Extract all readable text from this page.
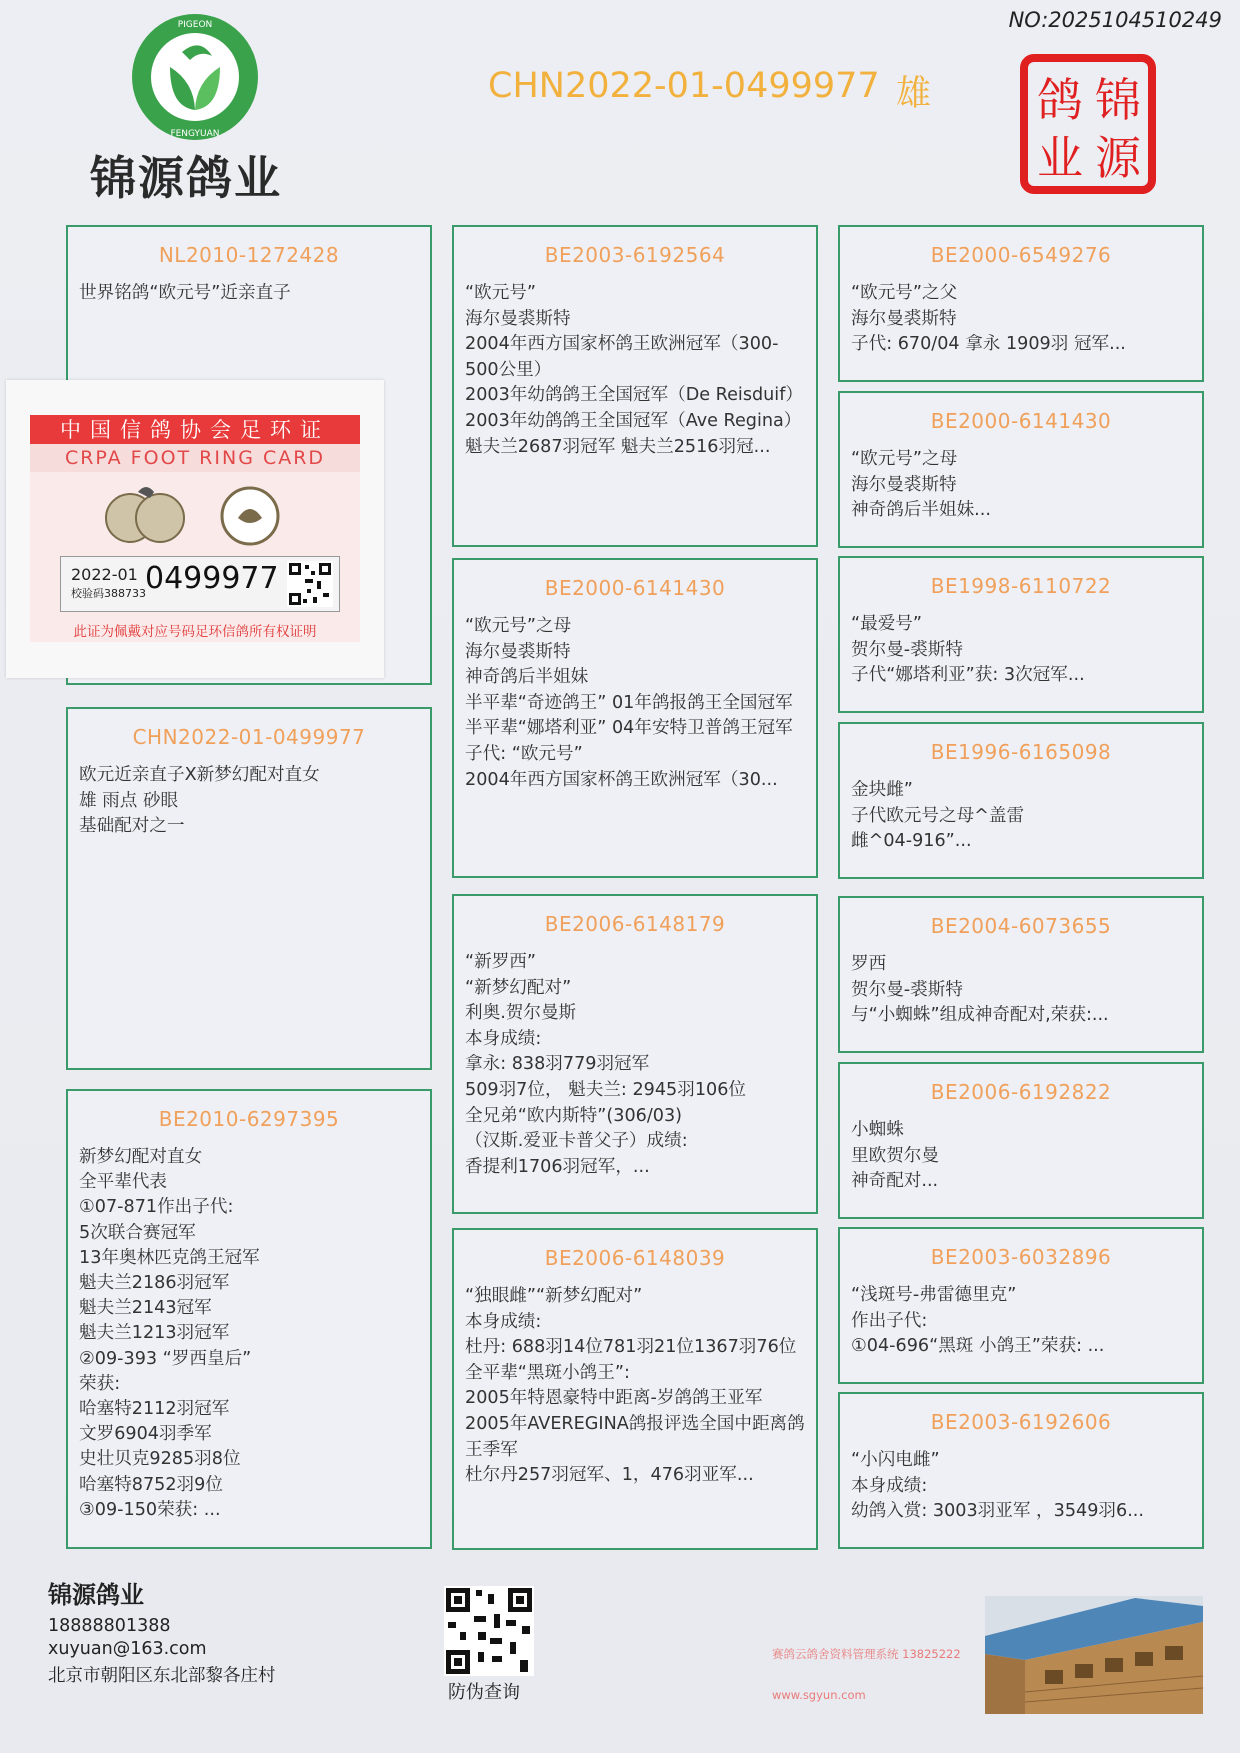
NO:2025104510249
PIGEON
FENGYUAN
锦源鸽业
CHN2022-01-0499977 雄	锦
源
鸽
业
NL2010-1272428
世界铭鸽“欧元号”近亲直子
CHN2022-01-0499977
欧元近亲直子X新梦幻配对直女
雄 雨点 砂眼
基础配对之一
BE2010-6297395
新梦幻配对直女
全平辈代表
①07-871作出子代:
5次联合赛冠军
13年奥林匹克鸽王冠军
魁夫兰2186羽冠军
魁夫兰2143冠军
魁夫兰1213羽冠军
②09-393 “罗西皇后”
荣获:
哈塞特2112羽冠军
文罗6904羽季军
史壮贝克9285羽8位
哈塞特8752羽9位
③09-150荣获: ...
中国信鸽协会足环证
CRPA FOOT RING CARD
2022-01
校验码388733 0499977
此证为佩戴对应号码足环信鸽所有权证明
BE2003-6192564
“欧元号”
海尔曼裘斯特
2004年西方国家杯鸽王欧洲冠军（300-500公里）
2003年幼鸽鸽王全国冠军（De Reisduif）
2003年幼鸽鸽王全国冠军（Ave Regina）
魁夫兰2687羽冠军 魁夫兰2516羽冠...
BE2000-6141430
“欧元号”之母
海尔曼裘斯特
神奇鸽后半姐妹
半平辈“奇迹鸽王” 01年鸽报鸽王全国冠军
半平辈“娜塔利亚” 04年安特卫普鸽王冠军
子代: “欧元号”
2004年西方国家杯鸽王欧洲冠军（30...
BE2006-6148179
“新罗西”
“新梦幻配对”
利奥.贺尔曼斯
本身成绩:
拿永: 838羽779羽冠军
509羽7位， 魁夫兰: 2945羽106位
全兄弟“欧内斯特”(306/03)
（汉斯.爱亚卡普父子）成绩:
香提利1706羽冠军，...
BE2006-6148039
“独眼雌”“新梦幻配对”
本身成绩:
杜丹: 688羽14位781羽21位1367羽76位
全平辈“黑斑小鸽王”:
2005年特恩豪特中距离-岁鸽鸽王亚军
2005年AVEREGINA鸽报评选全国中距离鸽王季军
杜尔丹257羽冠军、1，476羽亚军...
BE2000-6549276
“欧元号”之父
海尔曼裘斯特
子代: 670/04 拿永 1909羽 冠军...
BE2000-6141430
“欧元号”之母
海尔曼裘斯特
神奇鸽后半姐妹...
BE1998-6110722
“最爱号”
贺尔曼-裘斯特
子代“娜塔利亚”获: 3次冠军...
BE1996-6165098
金块雌”
子代欧元号之母^盖雷
雌^04-916”...
BE2004-6073655
罗西
贺尔曼-裘斯特
与“小蜘蛛”组成神奇配对,荣获:...
BE2006-6192822
小蜘蛛
里欧贺尔曼
神奇配对...
BE2003-6032896
“浅斑号-弗雷德里克”
作出子代:
①04-696“黑斑 小鸽王”荣获: ...
BE2003-6192606
“小闪电雌”
本身成绩:
幼鸽入赏: 3003羽亚军 ，3549羽6...
锦源鸽业
18888801388
xuyuan@163.com
北京市朝阳区东北部黎各庄村
防伪查询
赛鸽云鸽舍资料管理系统 13825222
www.sgyun.com
